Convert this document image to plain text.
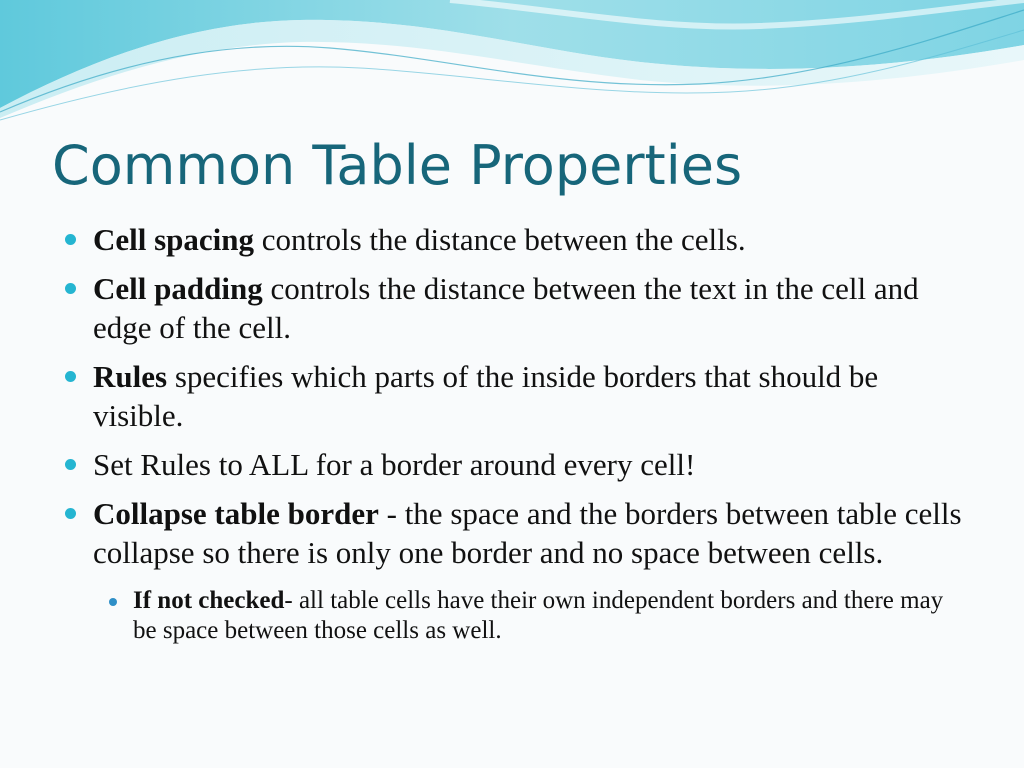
Common Table Properties
Cell spacing controls the distance between the cells.
Cell padding controls the distance between the text in the cell and edge of the cell.
Rules specifies which parts of the inside borders that should be visible.
Set Rules to ALL for a border around every cell!
Collapse table border - the space and the borders between table cells collapse so there is only one border and no space between cells.
If not checked- all table cells have their own independent borders and there may be space between those cells as well.
